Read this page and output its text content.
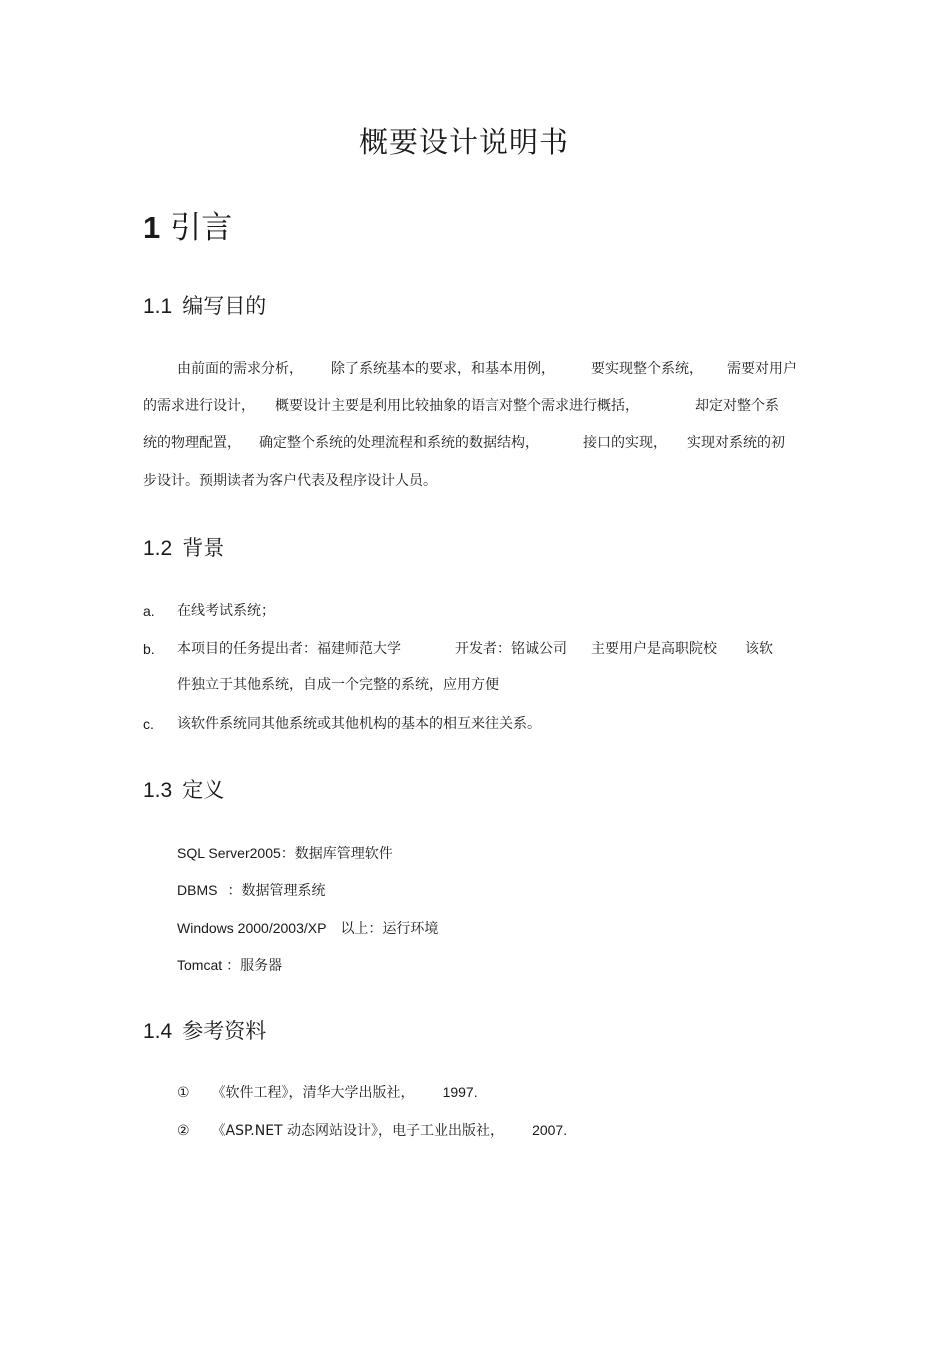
概要设计说明书
1 引言
1.1 编写目的
由前面的需求分析， 除了系统基本的要求，和基本用例，	要实现整个系统， 需要对用户
的需求进行设计， 概要设计主要是利用比较抽象的语言对整个需求进行概括，	却定对整个系
统的物理配置， 确定整个系统的处理流程和系统的数据结构，	接口的实现， 实现对系统的初
步设计。预期读者为客户代表及程序设计人员。
1.2 背景
a. 在线考试系统；
b. 本项目的任务提出者：福建师范大学	开发者：铭诚公司 主要用户是高职院校 该软
件独立于其他系统，自成一个完整的系统，应用方便
c. 该软件系统同其他系统或其他机构的基本的相互来往关系。
1.3 定义
SQL Server2005：数据库管理软件
DBMS ：数据管理系统
Windows 2000/2003/XP 以上：运行环境
Tomcat ：服务器
1.4 参考资料
① 《软件工程》，清华大学出版社， 1997.
② 《ASP.NET 动态网站设计》，电子工业出版社， 2007.
